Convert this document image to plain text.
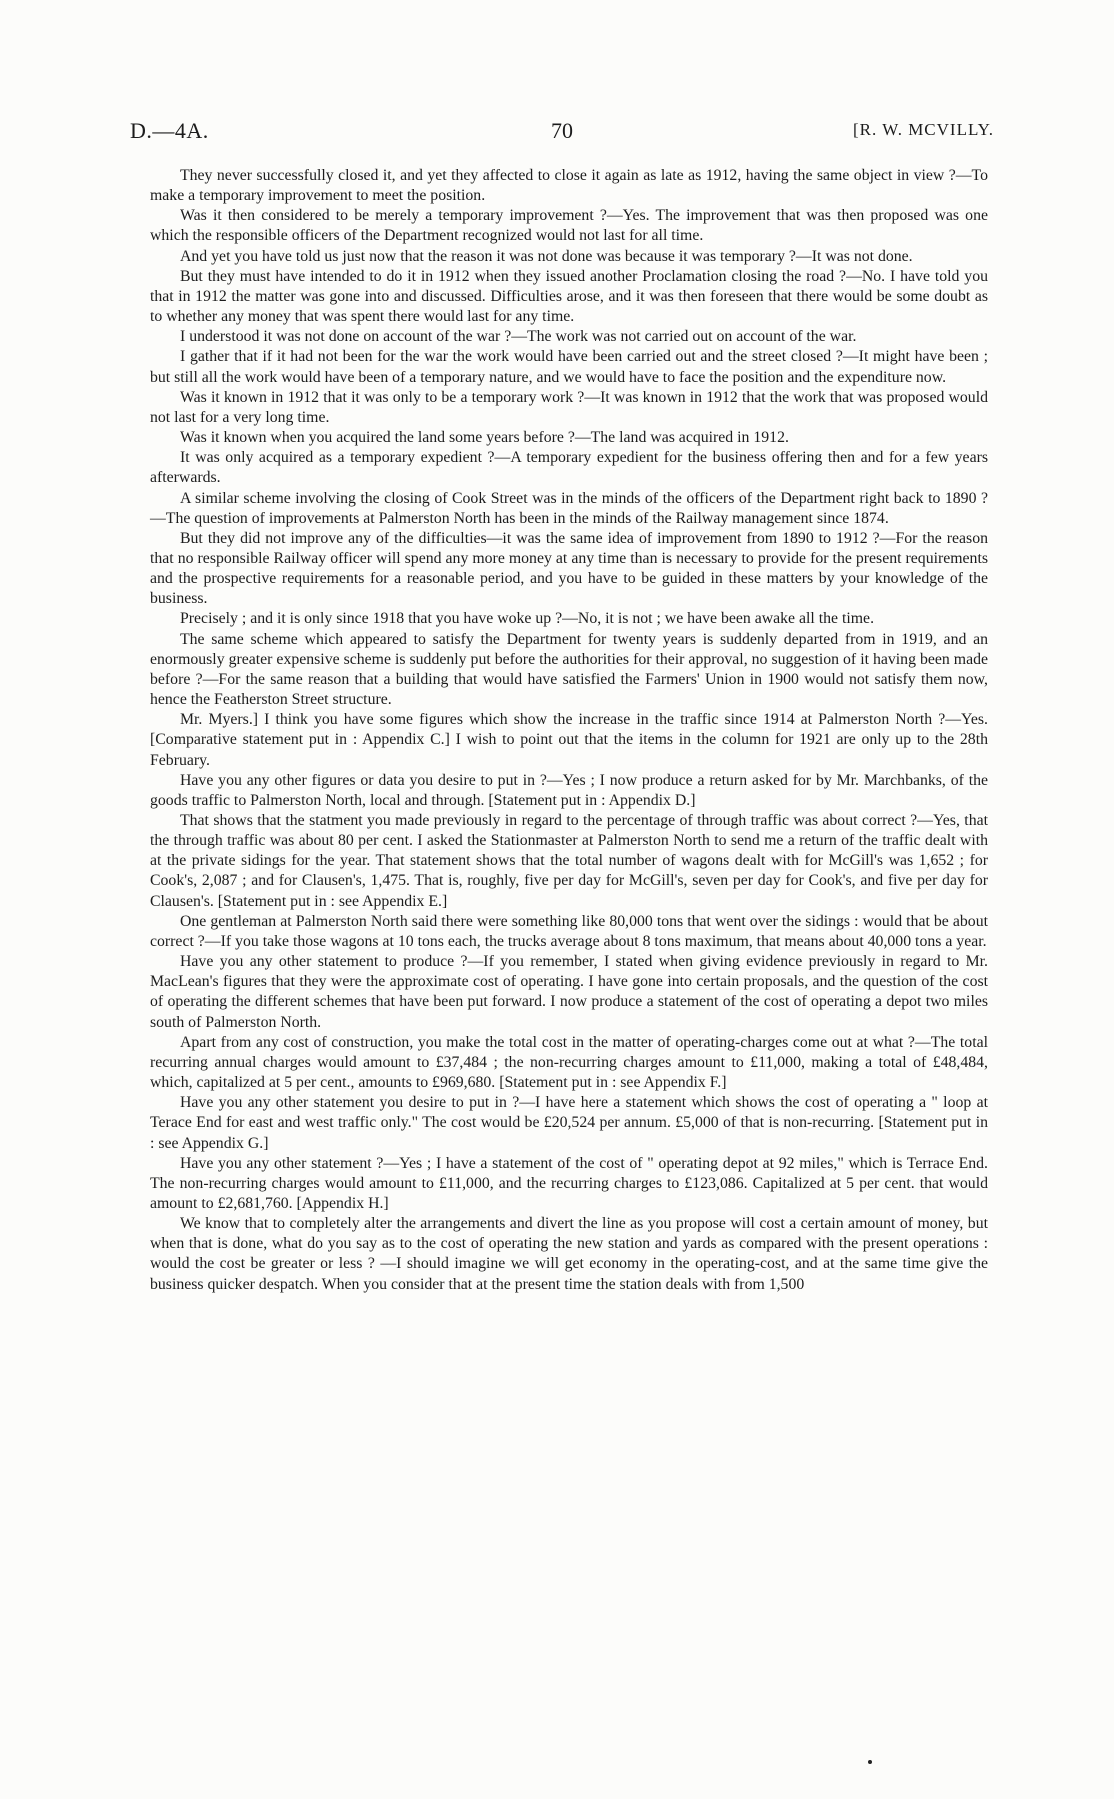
D.—4A.	70	[R. W. MCVILLY.

They never successfully closed it, and yet they affected to close it again as late as 1912, having the same object in view ?—To make a temporary improvement to meet the position.

Was it then considered to be merely a temporary improvement ?—Yes. The improvement that was then proposed was one which the responsible officers of the Department recognized would not last for all time.

And yet you have told us just now that the reason it was not done was because it was temporary ?—It was not done.

But they must have intended to do it in 1912 when they issued another Proclamation closing the road ?—No. I have told you that in 1912 the matter was gone into and discussed. Difficulties arose, and it was then foreseen that there would be some doubt as to whether any money that was spent there would last for any time.

I understood it was not done on account of the war ?—The work was not carried out on account of the war.

I gather that if it had not been for the war the work would have been carried out and the street closed ?—It might have been ; but still all the work would have been of a temporary nature, and we would have to face the position and the expenditure now.

Was it known in 1912 that it was only to be a temporary work ?—It was known in 1912 that the work that was proposed would not last for a very long time.

Was it known when you acquired the land some years before ?—The land was acquired in 1912.

It was only acquired as a temporary expedient ?—A temporary expedient for the business offering then and for a few years afterwards.

A similar scheme involving the closing of Cook Street was in the minds of the officers of the Department right back to 1890 ?—The question of improvements at Palmerston North has been in the minds of the Railway management since 1874.

But they did not improve any of the difficulties—it was the same idea of improvement from 1890 to 1912 ?—For the reason that no responsible Railway officer will spend any more money at any time than is necessary to provide for the present requirements and the prospective requirements for a reasonable period, and you have to be guided in these matters by your knowledge of the business.

Precisely ; and it is only since 1918 that you have woke up ?—No, it is not ; we have been awake all the time.

The same scheme which appeared to satisfy the Department for twenty years is suddenly departed from in 1919, and an enormously greater expensive scheme is suddenly put before the authorities for their approval, no suggestion of it having been made before ?—For the same reason that a building that would have satisfied the Farmers' Union in 1900 would not satisfy them now, hence the Featherston Street structure.

Mr. Myers.] I think you have some figures which show the increase in the traffic since 1914 at Palmerston North ?—Yes. [Comparative statement put in : Appendix C.] I wish to point out that the items in the column for 1921 are only up to the 28th February.

Have you any other figures or data you desire to put in ?—Yes ; I now produce a return asked for by Mr. Marchbanks, of the goods traffic to Palmerston North, local and through. [Statement put in : Appendix D.]

That shows that the statment you made previously in regard to the percentage of through traffic was about correct ?—Yes, that the through traffic was about 80 per cent. I asked the Stationmaster at Palmerston North to send me a return of the traffic dealt with at the private sidings for the year. That statement shows that the total number of wagons dealt with for McGill's was 1,652 ; for Cook's, 2,087 ; and for Clausen's, 1,475. That is, roughly, five per day for McGill's, seven per day for Cook's, and five per day for Clausen's. [Statement put in : see Appendix E.]

One gentleman at Palmerston North said there were something like 80,000 tons that went over the sidings : would that be about correct ?—If you take those wagons at 10 tons each, the trucks average about 8 tons maximum, that means about 40,000 tons a year.

Have you any other statement to produce ?—If you remember, I stated when giving evidence previously in regard to Mr. MacLean's figures that they were the approximate cost of operating. I have gone into certain proposals, and the question of the cost of operating the different schemes that have been put forward. I now produce a statement of the cost of operating a depot two miles south of Palmerston North.

Apart from any cost of construction, you make the total cost in the matter of operating-charges come out at what ?—The total recurring annual charges would amount to £37,484 ; the non-recurring charges amount to £11,000, making a total of £48,484, which, capitalized at 5 per cent., amounts to £969,680. [Statement put in : see Appendix F.]

Have you any other statement you desire to put in ?—I have here a statement which shows the cost of operating a " loop at Terace End for east and west traffic only." The cost would be £20,524 per annum. £5,000 of that is non-recurring. [Statement put in : see Appendix G.]

Have you any other statement ?—Yes ; I have a statement of the cost of " operating depot at 92 miles," which is Terrace End. The non-recurring charges would amount to £11,000, and the recurring charges to £123,086. Capitalized at 5 per cent. that would amount to £2,681,760. [Appendix H.]

We know that to completely alter the arrangements and divert the line as you propose will cost a certain amount of money, but when that is done, what do you say as to the cost of operating the new station and yards as compared with the present operations : would the cost be greater or less ? —I should imagine we will get economy in the operating-cost, and at the same time give the business quicker despatch. When you consider that at the present time the station deals with from 1,500
